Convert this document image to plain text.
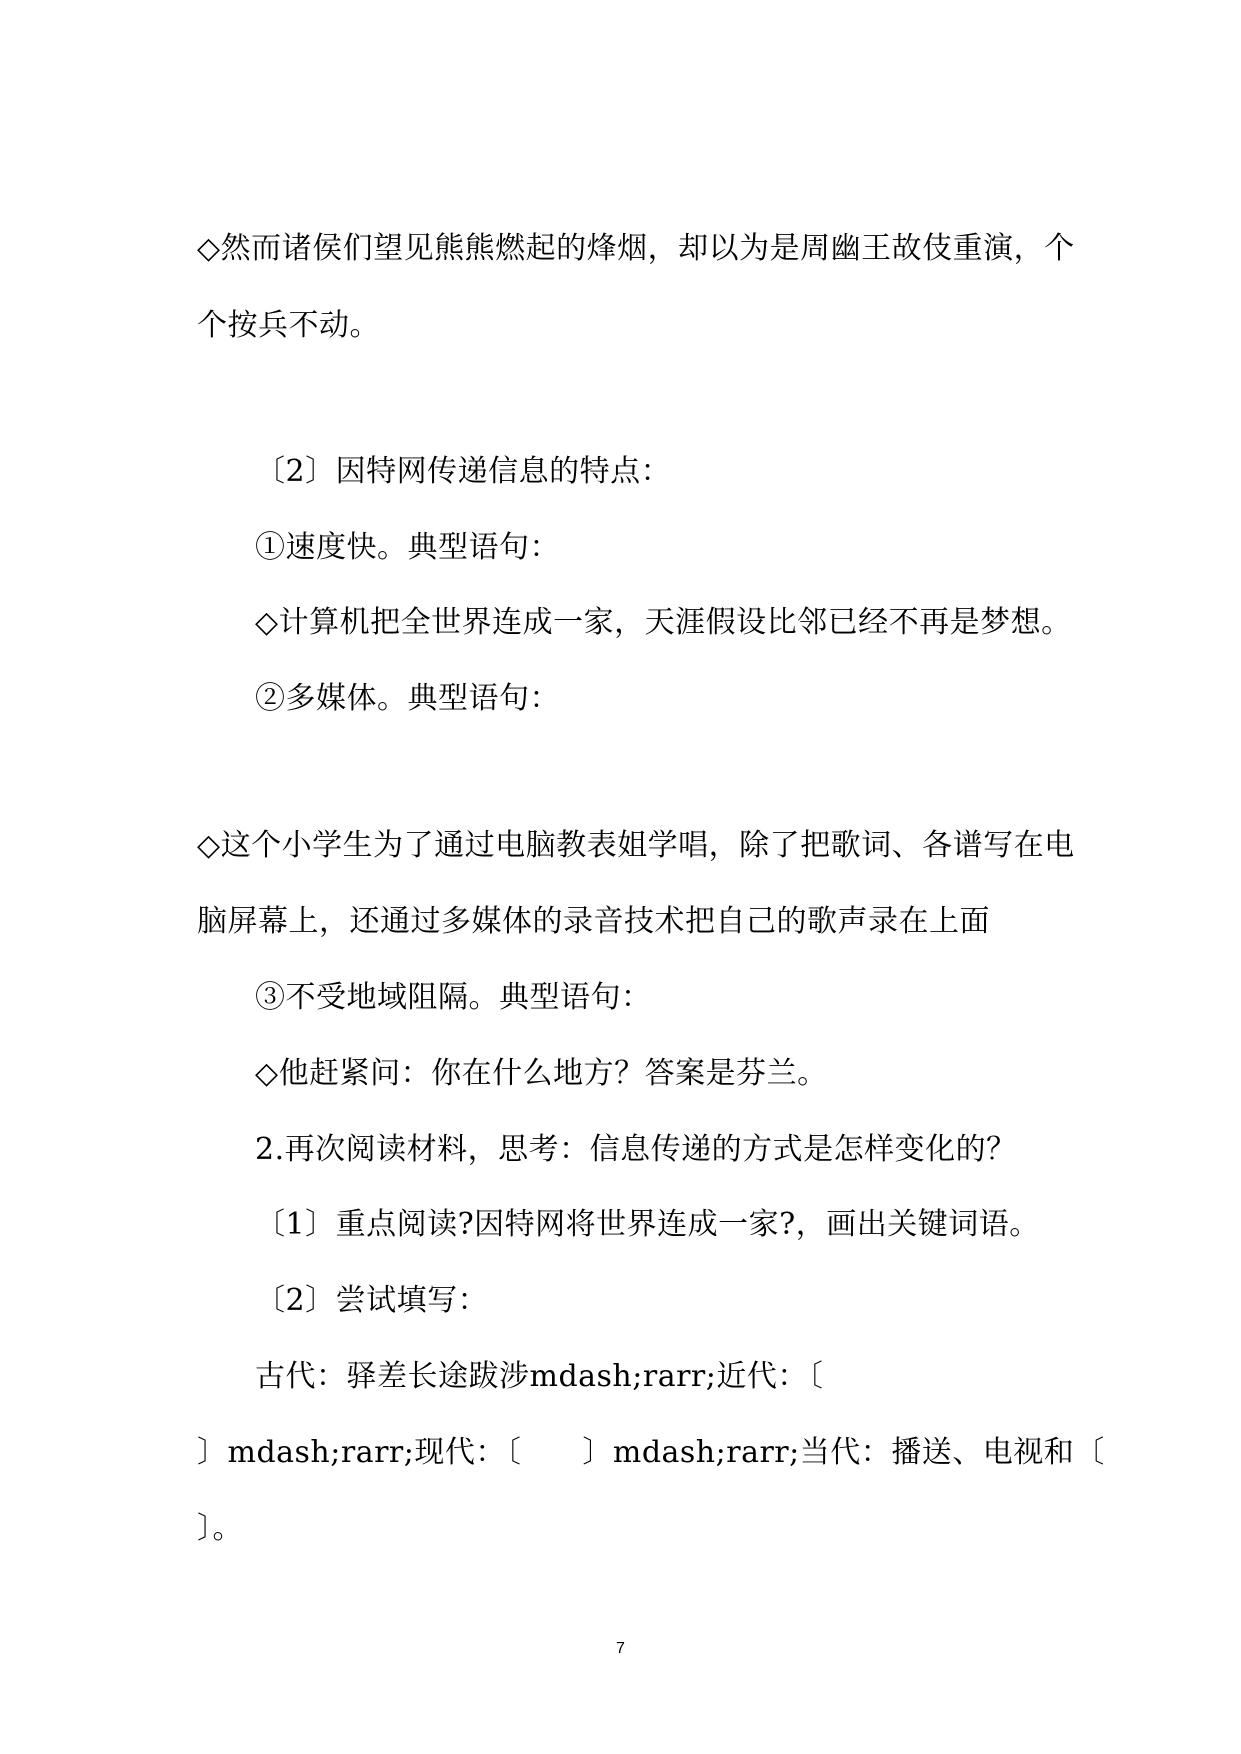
◇然而诸侯们望见熊熊燃起的烽烟，却以为是周幽王故伎重演，个
个按兵不动。
〔2〕因特网传递信息的特点：
①速度快。典型语句：
◇计算机把全世界连成一家，天涯假设比邻已经不再是梦想。
②多媒体。典型语句：
◇这个小学生为了通过电脑教表姐学唱，除了把歌词、各谱写在电
脑屏幕上，还通过多媒体的录音技术把自己的歌声录在上面
③不受地域阻隔。典型语句：
◇他赶紧问：你在什么地方？答案是芬兰。
2.再次阅读材料，思考：信息传递的方式是怎样变化的？
〔1〕重点阅读?因特网将世界连成一家?，画出关键词语。
〔2〕尝试填写：
古代：驿差长途跋涉mdash;rarr;近代：〔
〕mdash;rarr;现代：〔　　〕mdash;rarr;当代：播送、电视和〔
〕。
7
